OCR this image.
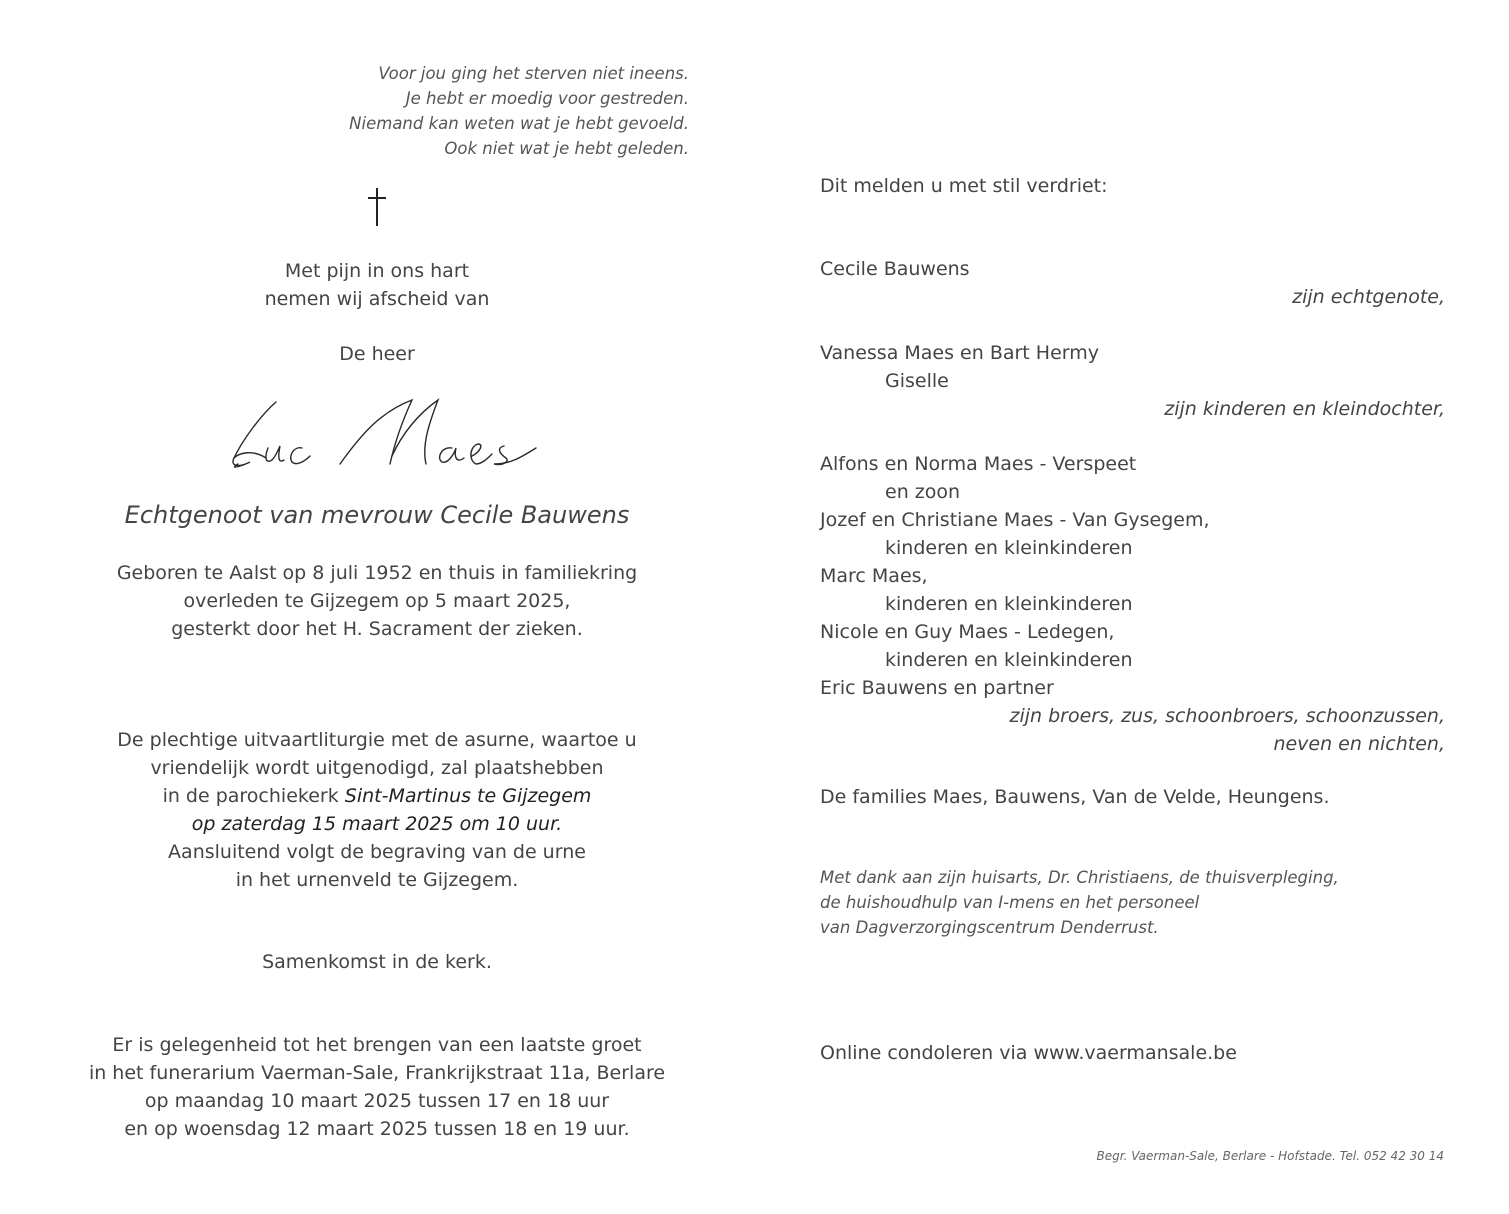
Voor jou ging het sterven niet ineens.
Je hebt er moedig voor gestreden.
Niemand kan weten wat je hebt gevoeld.
Ook niet wat je hebt geleden.
Met pijn in ons hart
nemen wij afscheid van
De heer
Echtgenoot van mevrouw Cecile Bauwens
Geboren te Aalst op 8 juli 1952 en thuis in familiekring
overleden te Gijzegem op 5 maart 2025,
gesterkt door het H. Sacrament der zieken.
De plechtige uitvaartliturgie met de asurne, waartoe u
vriendelijk wordt uitgenodigd, zal plaatshebben
in de parochiekerk Sint-Martinus te Gijzegem
op zaterdag 15 maart 2025 om 10 uur.
Aansluitend volgt de begraving van de urne
in het urnenveld te Gijzegem.
Samenkomst in de kerk.
Er is gelegenheid tot het brengen van een laatste groet
in het funerarium Vaerman-Sale, Frankrijkstraat 11a, Berlare
op maandag 10 maart 2025 tussen 17 en 18 uur
en op woensdag 12 maart 2025 tussen 18 en 19 uur.
Dit melden u met stil verdriet:
Cecile Bauwens
zijn echtgenote,
Vanessa Maes en Bart Hermy
Giselle
zijn kinderen en kleindochter,
Alfons en Norma Maes - Verspeet
en zoon
Jozef en Christiane Maes - Van Gysegem,
kinderen en kleinkinderen
Marc Maes,
kinderen en kleinkinderen
Nicole en Guy Maes - Ledegen,
kinderen en kleinkinderen
Eric Bauwens en partner
zijn broers, zus, schoonbroers, schoonzussen,
neven en nichten,
De families Maes, Bauwens, Van de Velde, Heungens.
Met dank aan zijn huisarts, Dr. Christiaens, de thuisverpleging,
de huishoudhulp van I-mens en het personeel
van Dagverzorgingscentrum Denderrust.
Online condoleren via www.vaermansale.be
Begr. Vaerman-Sale, Berlare - Hofstade. Tel. 052 42 30 14
